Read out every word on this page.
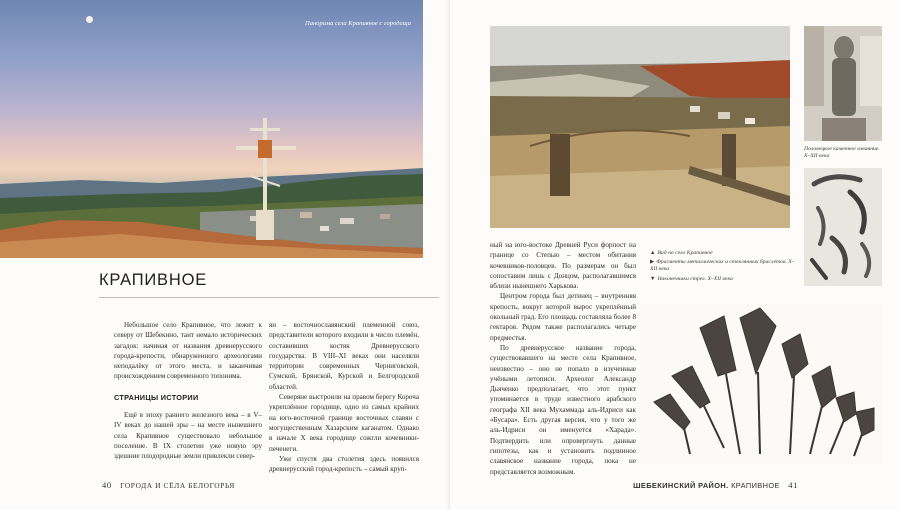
Панорама села Крапивное с городища
КРАПИВНОЕ

Небольшое село Крапивное, что лежит к северу от Шебекино, таит немало исторических загадок: начиная от названия древнерусского города-крепости, обнаруженного археологами неподалёку от этого места, и заканчивая происхождением современного топонима.

СТРАНИЦЫ ИСТОРИИ

Ещё в эпоху раннего железного века – в V–IV веках до нашей эры – на месте нынешнего села Крапивное существовало небольшое поселение. В IX столетии уже новую эру здешние плодородные земли привлекли север-

ян – восточнославянский племенной союз, представители которого входили в число племён, составивших костяк Древнерусского государства. В VIII–XI веках они населяли территории современных Черниговской, Сумской, Брянской, Курской и Белгородской областей.

Северяне выстроили на правом берегу Короча укреплённое городище, одно из самых крайних на юго-восточной границе восточных славян с могущественным Хазарским каганатом. Однако в начале X века городище сожгли кочевники-печенеги.

Уже спустя два столетия здесь появился древнерусский город-крепость – самый круп-

40 ГОРОДА И СЁЛА БЕЛОГОРЬЯ
Половецкое каменное изваяние. X–XII века

ный на юго-востоке Древней Руси форпост на границе со Степью – местом обитания кочевников-половцев. По размерам он был сопоставим лишь с Донцом, располагавшимся вблизи нынешнего Харькова.

Центром города был детинец – внутренняя крепость, вокруг которой вырос укреплённый окольный град. Его площадь составляла более 8 гектаров. Рядом также располагались четыре предместья.

По древнерусское название города, существовавшего на месте села Крапивное, неизвестно – оно не попало в изученные учёными летописи. Археолог Александр Дьяченко предполагает, что этот пункт упоминается в труде известного арабского географа XII века Мухаммада аль-Идриси как «Бусара». Есть другая версия, что у того же аль-Идриси он именуется «Харада». Подтвердить или опровергнуть данные гипотезы, как и установить подлинное славянское название города, пока не представляется возможным.

▲ Вид на село Крапивное
▶ Фрагменты металлических и стеклянных браслетов. X–XII века
▼ Наконечники стрел. X–XII века
ШЕБЕКИНСКИЙ РАЙОН. КРАПИВНОЕ 41
